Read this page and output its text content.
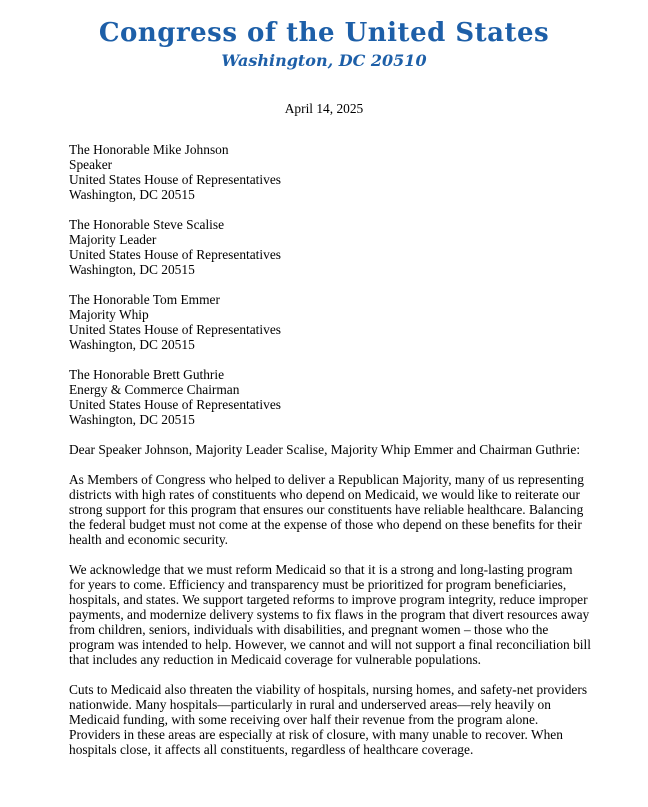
Congress of the United States
Washington, DC 20510
April 14, 2025
The Honorable Mike Johnson
Speaker
United States House of Representatives
Washington, DC 20515
The Honorable Steve Scalise
Majority Leader
United States House of Representatives
Washington, DC 20515
The Honorable Tom Emmer
Majority Whip
United States House of Representatives
Washington, DC 20515
The Honorable Brett Guthrie
Energy & Commerce Chairman
United States House of Representatives
Washington, DC 20515
Dear Speaker Johnson, Majority Leader Scalise, Majority Whip Emmer and Chairman Guthrie:
As Members of Congress who helped to deliver a Republican Majority, many of us representing
districts with high rates of constituents who depend on Medicaid, we would like to reiterate our
strong support for this program that ensures our constituents have reliable healthcare. Balancing
the federal budget must not come at the expense of those who depend on these benefits for their
health and economic security.
We acknowledge that we must reform Medicaid so that it is a strong and long-lasting program
for years to come. Efficiency and transparency must be prioritized for program beneficiaries,
hospitals, and states. We support targeted reforms to improve program integrity, reduce improper
payments, and modernize delivery systems to fix flaws in the program that divert resources away
from children, seniors, individuals with disabilities, and pregnant women – those who the
program was intended to help. However, we cannot and will not support a final reconciliation bill
that includes any reduction in Medicaid coverage for vulnerable populations.
Cuts to Medicaid also threaten the viability of hospitals, nursing homes, and safety-net providers
nationwide. Many hospitals—particularly in rural and underserved areas—rely heavily on
Medicaid funding, with some receiving over half their revenue from the program alone.
Providers in these areas are especially at risk of closure, with many unable to recover. When
hospitals close, it affects all constituents, regardless of healthcare coverage.
